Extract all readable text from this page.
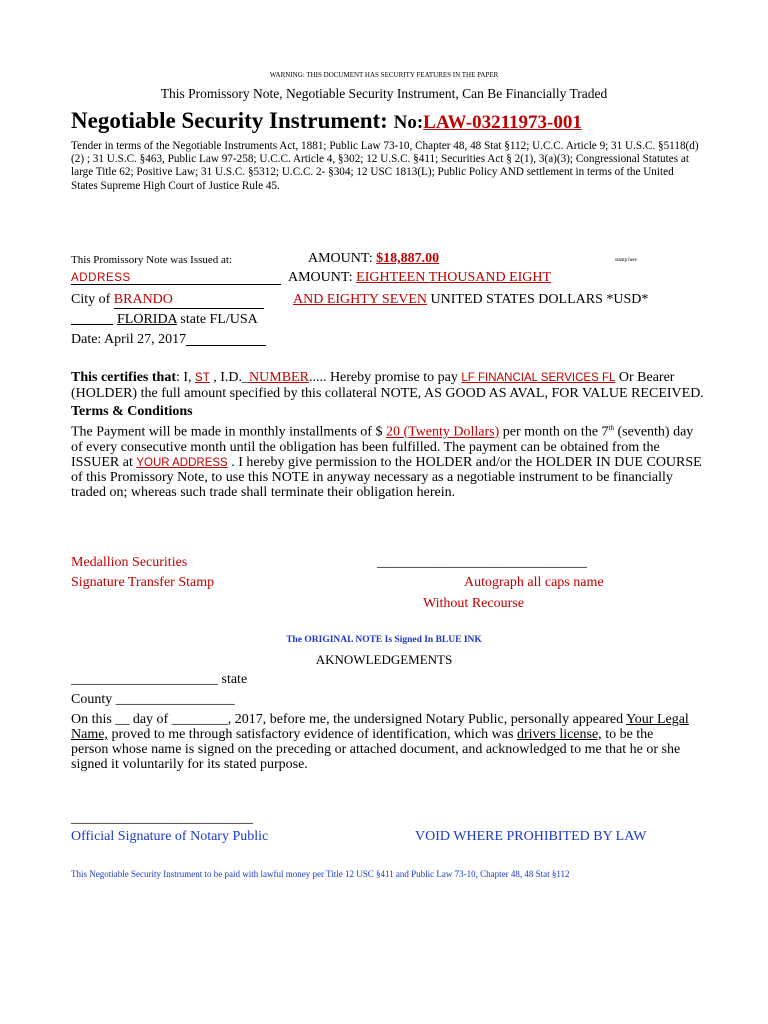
WARNING: THIS DOCUMENT HAS SECURITY FEATURES IN THE PAPER
This Promissory Note, Negotiable Security Instrument, Can Be Financially Traded
Negotiable Security Instrument: No:LAW-03211973-001
Tender in terms of the Negotiable Instruments Act, 1881; Public Law 73-10, Chapter 48, 48 Stat §112; U.C.C. Article 9; 31 U.S.C. §5118(d)(2) ; 31 U.S.C. §463, Public Law 97-258; U.C.C. Article 4, §302; 12 U.S.C. §411; Securities Act § 2(1), 3(a)(3); Congressional Statutes at large Title 62; Positive Law; 31 U.S.C. §5312; U.C.C. 2- §304; 12 USC 1813(L); Public Policy AND settlement in terms of the United States Supreme High Court of Justice Rule 45.
This Promissory Note was Issued at:	AMOUNT: $18,887.00	stamp here
ADDRESS	AMOUNT: EIGHTEEN THOUSAND EIGHT
City of BRANDO	AND EIGHTY SEVEN UNITED STATES DOLLARS *USD*
______ FLORIDA state FL/USA
Date: April 27, 2017
This certifies that: I, ST , I.D._NUMBER..... Hereby promise to pay LF FINANCIAL SERVICES FL Or Bearer
(HOLDER) the full amount specified by this collateral NOTE, AS GOOD AS AVAL, FOR VALUE RECEIVED.
Terms & Conditions
The Payment will be made in monthly installments of $ 20 (Twenty Dollars) per month on the 7th (seventh) day
of every consecutive month until the obligation has been fulfilled. The payment can be obtained from the
ISSUER at YOUR ADDRESS . I hereby give permission to the HOLDER and/or the HOLDER IN DUE COURSE
of this Promissory Note, to use this NOTE in anyway necessary as a negotiable instrument to be financially
traded on; whereas such trade shall terminate their obligation herein.
Medallion Securities	______________________________
Signature Transfer Stamp	Autograph all caps name
Without Recourse
The ORIGINAL NOTE Is Signed In BLUE INK
AKNOWLEDGEMENTS
_____________________ state
County _________________
On this __ day of ________, 2017, before me, the undersigned Notary Public, personally appeared Your Legal
Name, proved to me through satisfactory evidence of identification, which was drivers license, to be the
person whose name is signed on the preceding or attached document, and acknowledged to me that he or she
signed it voluntarily for its stated purpose.
__________________________
Official Signature of Notary Public	VOID WHERE PROHIBITED BY LAW
This Negotiable Security Instrument to be paid with lawful money per Title 12 USC §411 and Public Law 73-10, Chapter 48, 48 Stat §112
